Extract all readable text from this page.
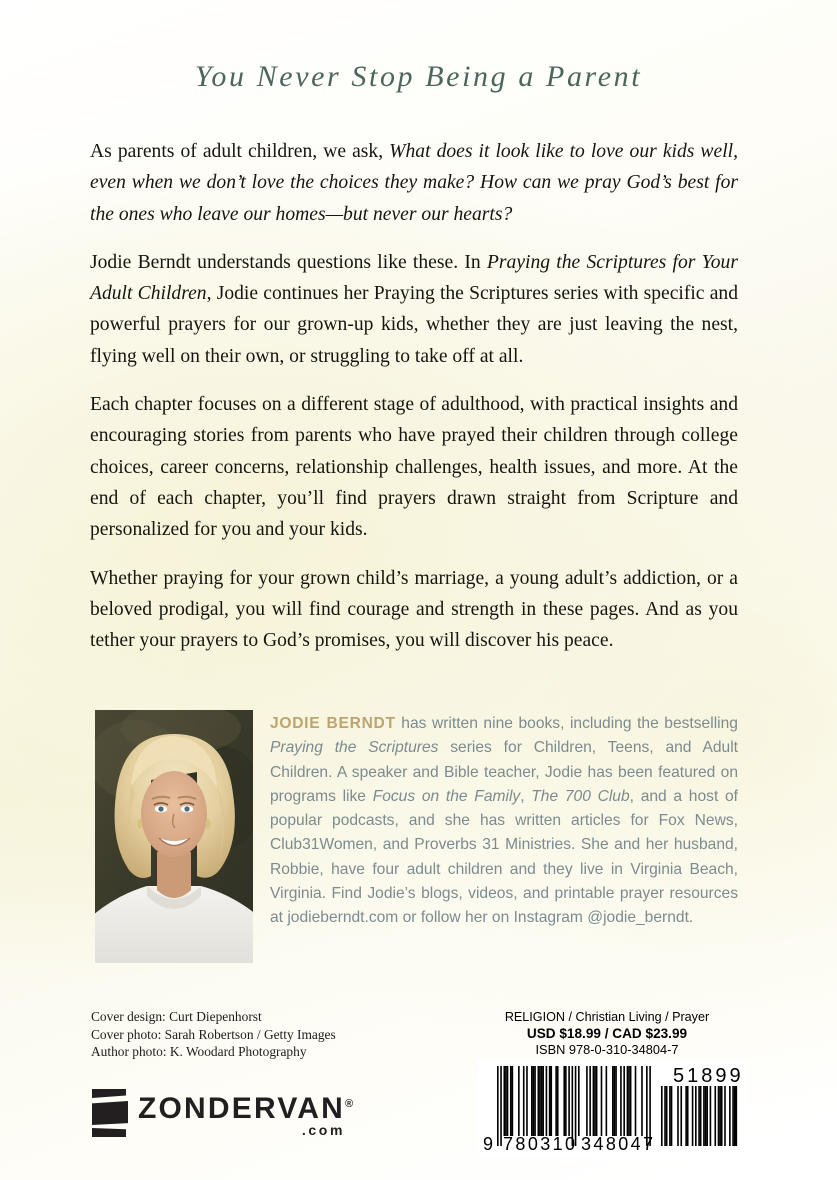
You Never Stop Being a Parent

As parents of adult children, we ask, What does it look like to love our kids well, even when we don’t love the choices they make? How can we pray God’s best for the ones who leave our homes—but never our hearts?

Jodie Berndt understands questions like these. In Praying the Scriptures for Your Adult Children, Jodie continues her Praying the Scriptures series with specific and powerful prayers for our grown-up kids, whether they are just leaving the nest, flying well on their own, or struggling to take off at all.

Each chapter focuses on a different stage of adulthood, with practical insights and encouraging stories from parents who have prayed their children through college choices, career concerns, relationship challenges, health issues, and more. At the end of each chapter, you’ll find prayers drawn straight from Scripture and personalized for you and your kids.

Whether praying for your grown child’s marriage, a young adult’s addiction, or a beloved prodigal, you will find courage and strength in these pages. And as you tether your prayers to God’s promises, you will discover his peace.

JODIE BERNDT has written nine books, including the bestselling Praying the Scriptures series for Children, Teens, and Adult Children. A speaker and Bible teacher, Jodie has been featured on programs like Focus on the Family, The 700 Club, and a host of popular podcasts, and she has written articles for Fox News, Club31Women, and Proverbs 31 Ministries. She and her husband, Robbie, have four adult children and they live in Virginia Beach, Virginia. Find Jodie’s blogs, videos, and printable prayer resources at jodieberndt.com or follow her on Instagram @jodie_berndt.
Cover design: Curt Diepenhorst
Cover photo: Sarah Robertson / Getty Images
Author photo: K. Woodard Photography
ZONDERVAN®
.com
RELIGION / Christian Living / Prayer
USD $18.99 / CAD $23.99
ISBN 978-0-310-34804-7
9 780310 348047
51899
